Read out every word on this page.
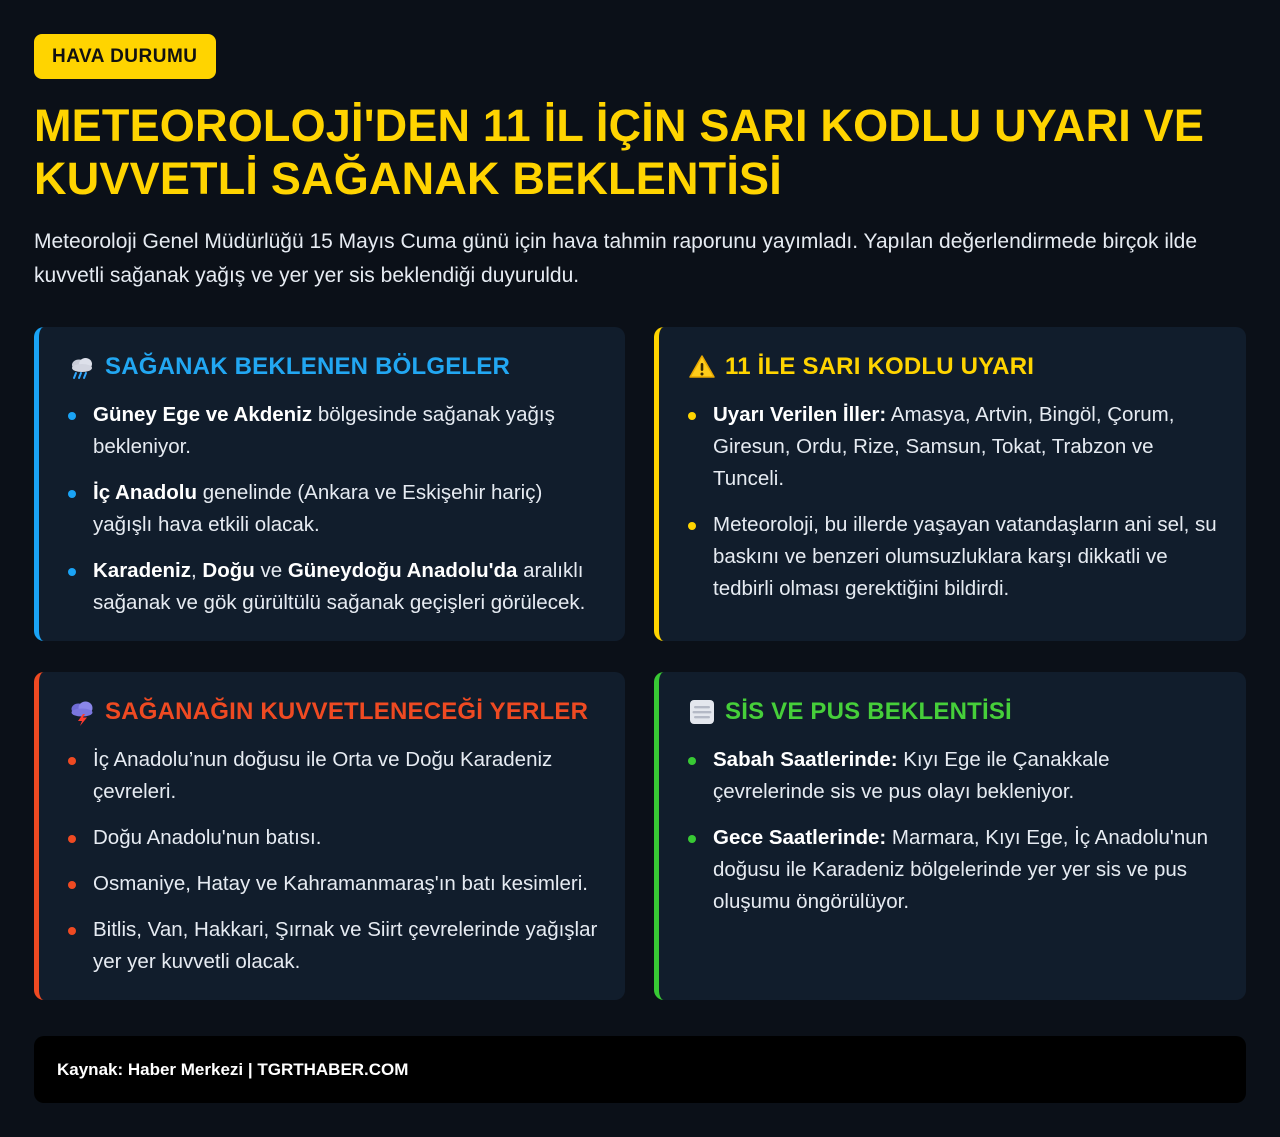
HAVA DURUMU
METEOROLOJİ'DEN 11 İL İÇİN SARI KODLU UYARI VE
KUVVETLİ SAĞANAK BEKLENTİSİ

Meteoroloji Genel Müdürlüğü 15 Mayıs Cuma günü için hava tahmin raporunu yayımladı. Yapılan değerlendirmede birçok ilde kuvvetli sağanak yağış ve yer yer sis beklendiği duyuruldu.

SAĞANAK BEKLENEN BÖLGELER
Güney Ege ve Akdeniz bölgesinde sağanak yağış bekleniyor.
İç Anadolu genelinde (Ankara ve Eskişehir hariç) yağışlı hava etkili olacak.
Karadeniz, Doğu ve Güneydoğu Anadolu'da aralıklı sağanak ve gök gürültülü sağanak geçişleri görülecek.
11 İLE SARI KODLU UYARI
Uyarı Verilen İller: Amasya, Artvin, Bingöl, Çorum, Giresun, Ordu, Rize, Samsun, Tokat, Trabzon ve Tunceli.
Meteoroloji, bu illerde yaşayan vatandaşların ani sel, su baskını ve benzeri olumsuzluklara karşı dikkatli ve tedbirli olması gerektiğini bildirdi.
SAĞANAĞIN KUVVETLENECEĞİ YERLER
İç Anadolu’nun doğusu ile Orta ve Doğu Karadeniz çevreleri.
Doğu Anadolu'nun batısı.
Osmaniye, Hatay ve Kahramanmaraş'ın batı kesimleri.
Bitlis, Van, Hakkari, Şırnak ve Siirt çevrelerinde yağışlar yer yer kuvvetli olacak.
SİS VE PUS BEKLENTİSİ
Sabah Saatlerinde: Kıyı Ege ile Çanakkale çevrelerinde sis ve pus olayı bekleniyor.
Gece Saatlerinde: Marmara, Kıyı Ege, İç Anadolu'nun doğusu ile Karadeniz bölgelerinde yer yer sis ve pus oluşumu öngörülüyor.
Kaynak: Haber Merkezi | TGRTHABER.COM
